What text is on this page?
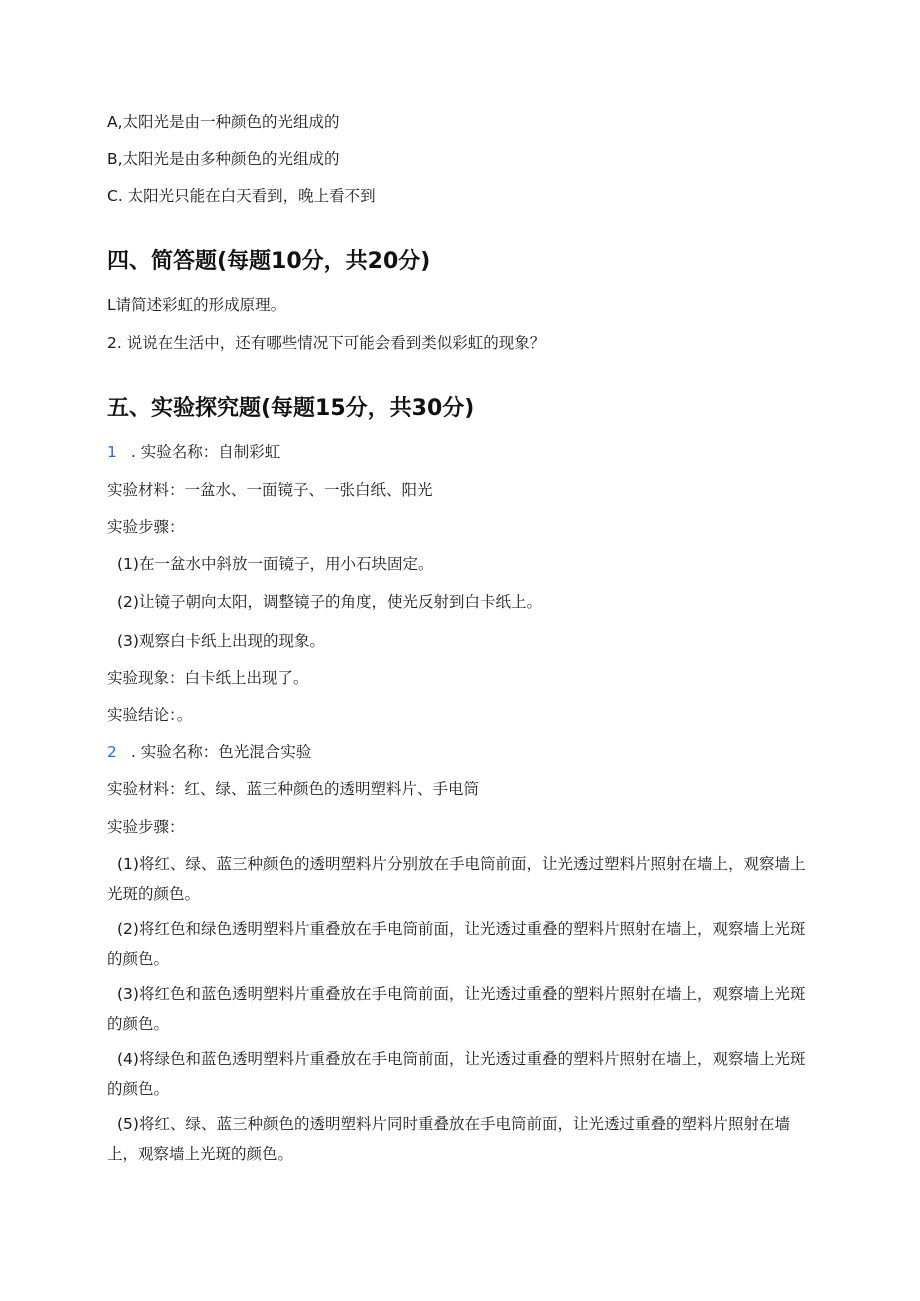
A,太阳光是由一种颜色的光组成的
B,太阳光是由多种颜色的光组成的
C. 太阳光只能在白天看到，晚上看不到
四、简答题(每题10分，共20分)
L请简述彩虹的形成原理。
2. 说说在生活中，还有哪些情况下可能会看到类似彩虹的现象？
五、实验探究题(每题15分，共30分)
1 . 实验名称：自制彩虹
实验材料：一盆水、一面镜子、一张白纸、阳光
实验步骤：
(1)在一盆水中斜放一面镜子，用小石块固定。
(2)让镜子朝向太阳，调整镜子的角度，使光反射到白卡纸上。
(3)观察白卡纸上出现的现象。
实验现象：白卡纸上出现了。
实验结论：。
2 . 实验名称：色光混合实验
实验材料：红、绿、蓝三种颜色的透明塑料片、手电筒
实验步骤：
(1)将红、绿、蓝三种颜色的透明塑料片分别放在手电筒前面，让光透过塑料片照射在墙上，观察墙上光斑的颜色。
(2)将红色和绿色透明塑料片重叠放在手电筒前面，让光透过重叠的塑料片照射在墙上，观察墙上光斑的颜色。
(3)将红色和蓝色透明塑料片重叠放在手电筒前面，让光透过重叠的塑料片照射在墙上，观察墙上光斑的颜色。
(4)将绿色和蓝色透明塑料片重叠放在手电筒前面，让光透过重叠的塑料片照射在墙上，观察墙上光斑的颜色。
(5)将红、绿、蓝三种颜色的透明塑料片同时重叠放在手电筒前面，让光透过重叠的塑料片照射在墙上，观察墙上光斑的颜色。
